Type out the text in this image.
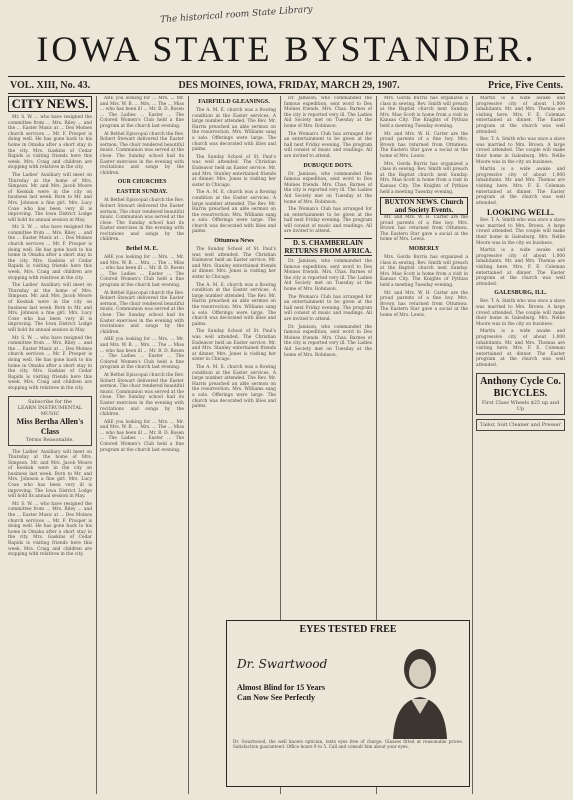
The historical room State Library
IOWA STATE BYSTANDER.
VOL. XIII, No. 43.	DES MOINES, IOWA, FRIDAY, MARCH 29, 1907.	Price, Five Cents.
CITY NEWS.

Mr. S. W. ... who have resigned the committee from ... Mrs. Riley ... and the ... Easter Music at ... Des Moines church services ... Mr. F. Prosper is doing well. He has gone back to his home in Omaha after a short stay in the city. Mrs. Gaskins of Cedar Rapids is visiting friends here this week. Mrs. Craig and children are stopping with relatives in the city.

The Ladies' Auxiliary will meet on Thursday at the home of Mrs. Simpson. Mr. and Mrs. Jacob Moore of Keokuk were in the city on business last week. Born to Mr. and Mrs. Johnson a fine girl. Mrs. Lucy Coxe who has been very ill is improving. The Iowa District Lodge will hold its annual session in May.

Mr. S. W. ... who have resigned the committee from ... Mrs. Riley ... and the ... Easter Music at ... Des Moines church services ... Mr. F. Prosper is doing well. He has gone back to his home in Omaha after a short stay in the city. Mrs. Gaskins of Cedar Rapids is visiting friends here this week. Mrs. Craig and children are stopping with relatives in the city.

The Ladies' Auxiliary will meet on Thursday at the home of Mrs. Simpson. Mr. and Mrs. Jacob Moore of Keokuk were in the city on business last week. Born to Mr. and Mrs. Johnson a fine girl. Mrs. Lucy Coxe who has been very ill is improving. The Iowa District Lodge will hold its annual session in May.

Mr. S. W. ... who have resigned the committee from ... Mrs. Riley ... and the ... Easter Music at ... Des Moines church services ... Mr. F. Prosper is doing well. He has gone back to his home in Omaha after a short stay in the city. Mrs. Gaskins of Cedar Rapids is visiting friends here this week. Mrs. Craig and children are stopping with relatives in the city.

Subscribe for the
LEARN INSTRUMENTAL MUSIC
Miss Bertha Allen's Class
Terms Reasonable.

The Ladies' Auxiliary will meet on Thursday at the home of Mrs. Simpson. Mr. and Mrs. Jacob Moore of Keokuk were in the city on business last week. Born to Mr. and Mrs. Johnson a fine girl. Mrs. Lucy Coxe who has been very ill is improving. The Iowa District Lodge will hold its annual session in May.

Mr. S. W. ... who have resigned the committee from ... Mrs. Riley ... and the ... Easter Music at ... Des Moines church services ... Mr. F. Prosper is doing well. He has gone back to his home in Omaha after a short stay in the city. Mrs. Gaskins of Cedar Rapids is visiting friends here this week. Mrs. Craig and children are stopping with relatives in the city.

ARE you looking for ... Mrs. ... Mr. and Mrs. W. B. ... Mrs. ... The ... Miss ... who has been ill ... Mr. B. D. Rosen ... The Ladies ... Easter ... The Colored Women's Club held a fine program at the church last evening.

At Bethel Episcopal church the Rev. Robert Stewart delivered the Easter sermon. The choir rendered beautiful music. Communion was served at the close. The Sunday school had its Easter exercises in the evening with recitations and songs by the children.

OUR CHURCHES
EASTER SUNDAY.

At Bethel Episcopal church the Rev. Robert Stewart delivered the Easter sermon. The choir rendered beautiful music. Communion was served at the close. The Sunday school had its Easter exercises in the evening with recitations and songs by the children.

Bethel M. E.

ARE you looking for ... Mrs. ... Mr. and Mrs. W. B. ... Mrs. ... The ... Miss ... who has been ill ... Mr. B. D. Rosen ... The Ladies ... Easter ... The Colored Women's Club held a fine program at the church last evening.

At Bethel Episcopal church the Rev. Robert Stewart delivered the Easter sermon. The choir rendered beautiful music. Communion was served at the close. The Sunday school had its Easter exercises in the evening with recitations and songs by the children.

ARE you looking for ... Mrs. ... Mr. and Mrs. W. B. ... Mrs. ... The ... Miss ... who has been ill ... Mr. B. D. Rosen ... The Ladies ... Easter ... The Colored Women's Club held a fine program at the church last evening.

At Bethel Episcopal church the Rev. Robert Stewart delivered the Easter sermon. The choir rendered beautiful music. Communion was served at the close. The Sunday school had its Easter exercises in the evening with recitations and songs by the children.

ARE you looking for ... Mrs. ... Mr. and Mrs. W. B. ... Mrs. ... The ... Miss ... who has been ill ... Mr. B. D. Rosen ... The Ladies ... Easter ... The Colored Women's Club held a fine program at the church last evening.

FAIRFIELD GLEANINGS.

The A. M. E. church was a flowing condition at the Easter services. A large number attended. The Rev. Mr. Harris preached an able sermon on the resurrection. Mrs. Williams sang a solo. Offerings were large. The church was decorated with lilies and palms.

The Sunday School of St. Paul's was well attended. The Christian Endeavor held an Easter service. Mr. and Mrs. Stanley entertained friends at dinner. Mrs. Jones is visiting her sister in Chicago.

The A. M. E. church was a flowing condition at the Easter services. A large number attended. The Rev. Mr. Harris preached an able sermon on the resurrection. Mrs. Williams sang a solo. Offerings were large. The church was decorated with lilies and palms.

Ottumwa News

The Sunday School of St. Paul's was well attended. The Christian Endeavor held an Easter service. Mr. and Mrs. Stanley entertained friends at dinner. Mrs. Jones is visiting her sister in Chicago.

The A. M. E. church was a flowing condition at the Easter services. A large number attended. The Rev. Mr. Harris preached an able sermon on the resurrection. Mrs. Williams sang a solo. Offerings were large. The church was decorated with lilies and palms.

The Sunday School of St. Paul's was well attended. The Christian Endeavor held an Easter service. Mr. and Mrs. Stanley entertained friends at dinner. Mrs. Jones is visiting her sister in Chicago.

The A. M. E. church was a flowing condition at the Easter services. A large number attended. The Rev. Mr. Harris preached an able sermon on the resurrection. Mrs. Williams sang a solo. Offerings were large. The church was decorated with lilies and palms.

Dr. Jamison, who commanded the famous expedition, sent word to Des Moines friends. Mrs. Chas. Barnes of the city is reported very ill. The Ladies Aid Society met on Tuesday at the home of Mrs. Robinson.

The Woman's Club has arranged for an entertainment to be given at the hall next Friday evening. The program will consist of music and readings. All are invited to attend.

DUBUQUE DOTS.

Dr. Jamison, who commanded the famous expedition, sent word to Des Moines friends. Mrs. Chas. Barnes of the city is reported very ill. The Ladies Aid Society met on Tuesday at the home of Mrs. Robinson.

The Woman's Club has arranged for an entertainment to be given at the hall next Friday evening. The program will consist of music and readings. All are invited to attend.

D. S. CHAMBERLAIN RETURNS FROM AFRICA.

Dr. Jamison, who commanded the famous expedition, sent word to Des Moines friends. Mrs. Chas. Barnes of the city is reported very ill. The Ladies Aid Society met on Tuesday at the home of Mrs. Robinson.

The Woman's Club has arranged for an entertainment to be given at the hall next Friday evening. The program will consist of music and readings. All are invited to attend.

Dr. Jamison, who commanded the famous expedition, sent word to Des Moines friends. Mrs. Chas. Barnes of the city is reported very ill. The Ladies Aid Society met on Tuesday at the home of Mrs. Robinson.

Mrs. Gorda Burris has organized a class in sewing. Rev. Smith will preach at the Baptist church next Sunday. Mrs. Mae Scott is home from a visit in Kansas City. The Knights of Pythias held a meeting Tuesday evening.

Mr. and Mrs. W. H. Carter are the proud parents of a fine boy. Mrs. Brown has returned from Ottumwa. The Eastern Star gave a social at the home of Mrs. Lewis.

Mrs. Gorda Burris has organized a class in sewing. Rev. Smith will preach at the Baptist church next Sunday. Mrs. Mae Scott is home from a visit in Kansas City. The Knights of Pythias held a meeting Tuesday evening.

BUXTON NEWS. Church and Society Events.

Mr. and Mrs. W. H. Carter are the proud parents of a fine boy. Mrs. Brown has returned from Ottumwa. The Eastern Star gave a social at the home of Mrs. Lewis.

MOBERLY

Mrs. Gorda Burris has organized a class in sewing. Rev. Smith will preach at the Baptist church next Sunday. Mrs. Mae Scott is home from a visit in Kansas City. The Knights of Pythias held a meeting Tuesday evening.

Mr. and Mrs. W. H. Carter are the proud parents of a fine boy. Mrs. Brown has returned from Ottumwa. The Eastern Star gave a social at the home of Mrs. Lewis.

Martin is a wide awake and progressive city of about 1,000 inhabitants. Mr. and Mrs. Thomas are visiting here. Mrs. F. E. Coleman entertained at dinner. The Easter program at the church was well attended.

Rev. T. A. Smith who was once a slave was married to Mrs. Brown. A large crowd attended. The couple will make their home in Galesburg. Mrs. Nellie Moore was in the city on business.

Martin is a wide awake and progressive city of about 1,000 inhabitants. Mr. and Mrs. Thomas are visiting here. Mrs. F. E. Coleman entertained at dinner. The Easter program at the church was well attended.

LOOKING WELL.

Rev. T. A. Smith who was once a slave was married to Mrs. Brown. A large crowd attended. The couple will make their home in Galesburg. Mrs. Nellie Moore was in the city on business.

Martin is a wide awake and progressive city of about 1,000 inhabitants. Mr. and Mrs. Thomas are visiting here. Mrs. F. E. Coleman entertained at dinner. The Easter program at the church was well attended.

GALESBURG, ILL.

Rev. T. A. Smith who was once a slave was married to Mrs. Brown. A large crowd attended. The couple will make their home in Galesburg. Mrs. Nellie Moore was in the city on business.

Martin is a wide awake and progressive city of about 1,000 inhabitants. Mr. and Mrs. Thomas are visiting here. Mrs. F. E. Coleman entertained at dinner. The Easter program at the church was well attended.

Anthony Cycle Co. BICYCLES.
First Class Wheels $25 up and Up
Tailor, Suit Cleaner and Presser
EYES TESTED FREE
Dr. Swartwood
Almost Blind for 15 Years
Can Now See Perfectly
Dr. Swartwood, the well known optician, tests eyes free of charge. Glasses fitted at reasonable prices. Satisfaction guaranteed. Office hours 9 to 5. Call and consult him about your eyes.
